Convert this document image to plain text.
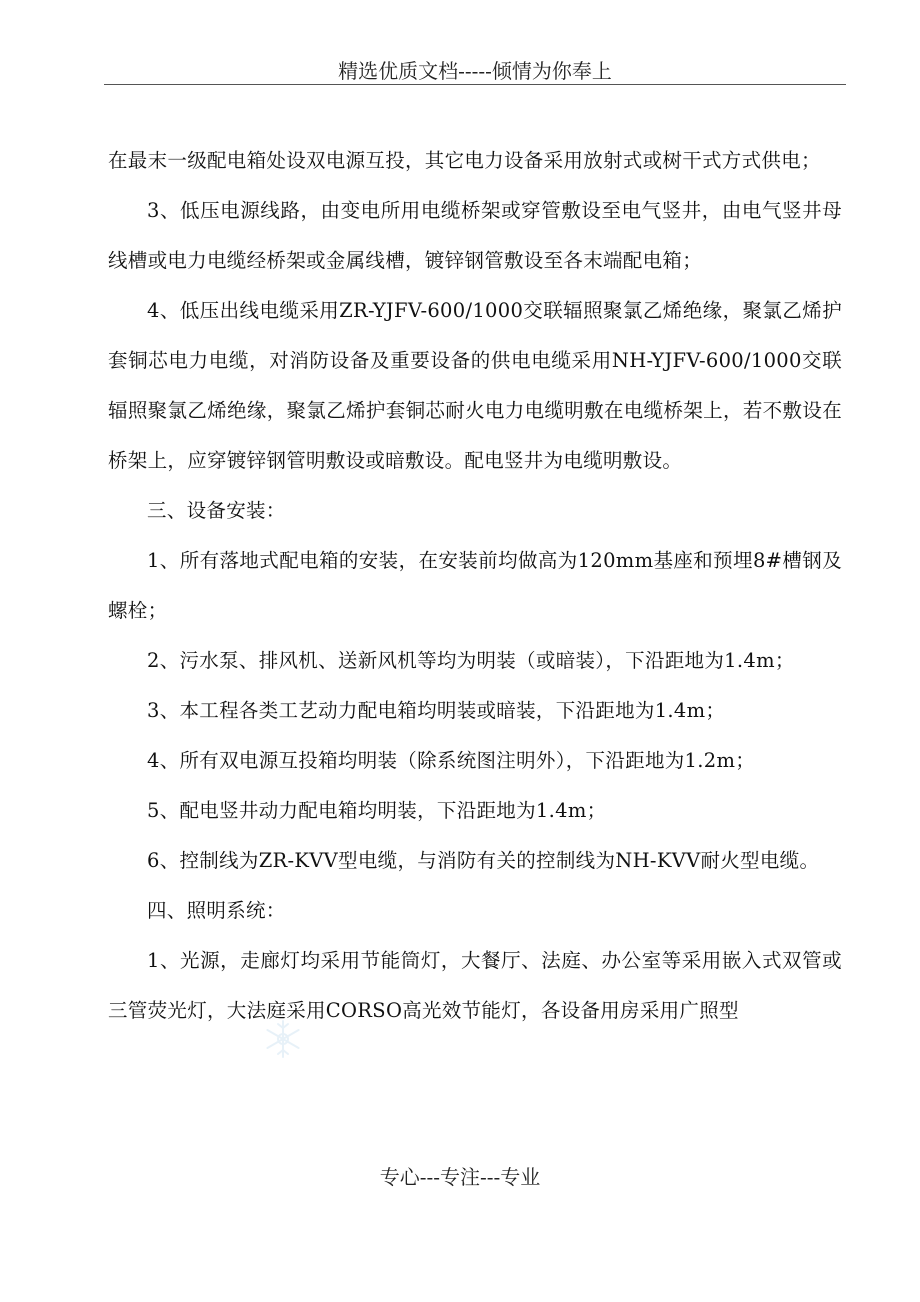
精选优质文档-----倾情为你奉上

在最末一级配电箱处设双电源互投，其它电力设备采用放射式或树干式方式供电；

3、低压电源线路，由变电所用电缆桥架或穿管敷设至电气竖井，由电气竖井母线槽或电力电缆经桥架或金属线槽，镀锌钢管敷设至各末端配电箱；

4、低压出线电缆采用ZR-YJFV-600/1000交联辐照聚氯乙烯绝缘，聚氯乙烯护套铜芯电力电缆，对消防设备及重要设备的供电电缆采用NH-YJFV-600/1000交联辐照聚氯乙烯绝缘，聚氯乙烯护套铜芯耐火电力电缆明敷在电缆桥架上，若不敷设在桥架上，应穿镀锌钢管明敷设或暗敷设。配电竖井为电缆明敷设。

三、设备安装：

1、所有落地式配电箱的安装，在安装前均做高为120mm基座和预埋8#槽钢及螺栓；

2、污水泵、排风机、送新风机等均为明装（或暗装），下沿距地为1.4m；

3、本工程各类工艺动力配电箱均明装或暗装，下沿距地为1.4m；

4、所有双电源互投箱均明装（除系统图注明外），下沿距地为1.2m；

5、配电竖井动力配电箱均明装，下沿距地为1.4m；

6、控制线为ZR-KVV型电缆，与消防有关的控制线为NH-KVV耐火型电缆。

四、照明系统：

1、光源，走廊灯均采用节能筒灯，大餐厅、法庭、办公室等采用嵌入式双管或三管荧光灯，大法庭采用CORSO高光效节能灯，各设备用房采用广照型

专心---专注---专业
